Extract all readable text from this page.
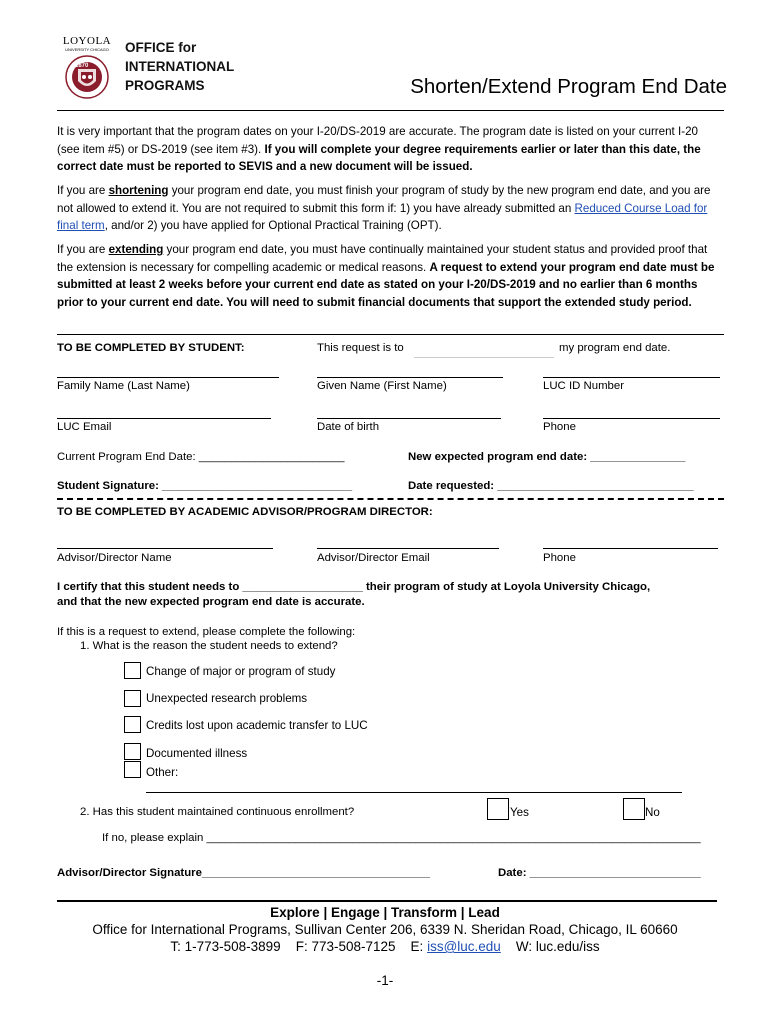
LOYOLA
UNIVERSITY CHICAGO
1870
OFFICE for
INTERNATIONAL
PROGRAMS	Shorten/Extend Program End Date

It is very important that the program dates on your I-20/DS-2019 are accurate. The program date is listed on your current I-20 (see item #5) or DS-2019 (see item #3). If you will complete your degree requirements earlier or later than this date, the correct date must be reported to SEVIS and a new document will be issued.

If you are shortening your program end date, you must finish your program of study by the new program end date, and you are not allowed to extend it. You are not required to submit this form if: 1) you have already submitted an Reduced Course Load for final term, and/or 2) you have applied for Optional Practical Training (OPT).

If you are extending your program end date, you must have continually maintained your student status and provided proof that the extension is necessary for compelling academic or medical reasons. A request to extend your program end date must be submitted at least 2 weeks before your current end date as stated on your I-20/DS-2019 and no earlier than 6 months prior to your current end date. You will need to submit financial documents that support the extended study period.

TO BE COMPLETED BY STUDENT:	This request is to	my program end date.
Family Name (Last Name)	Given Name (First Name)	LUC ID Number
LUC Email	Date of birth	Phone
Current Program End Date: _______________________	New expected program end date: _______________
Student Signature: ______________________________	Date requested: _______________________________
TO BE COMPLETED BY ACADEMIC ADVISOR/PROGRAM DIRECTOR:
Advisor/Director Name	Advisor/Director Email	Phone
I certify that this student needs to ___________________ their program of study at Loyola University Chicago,
and that the new expected program end date is accurate.
If this is a request to extend, please complete the following:
1. What is the reason the student needs to extend?
Change of major or program of study
Unexpected research problems
Credits lost upon academic transfer to LUC
Documented illness
Other:
2. Has this student maintained continuous enrollment?	Yes	No
If no, please explain ______________________________________________________________________________
Advisor/Director Signature____________________________________	Date: ___________________________
Explore | Engage | Transform | Lead
Office for International Programs, Sullivan Center 206, 6339 N. Sheridan Road, Chicago, IL 60660
T: 1-773-508-3899 F: 773-508-7125 E: iss@luc.edu W: luc.edu/iss
-1-
